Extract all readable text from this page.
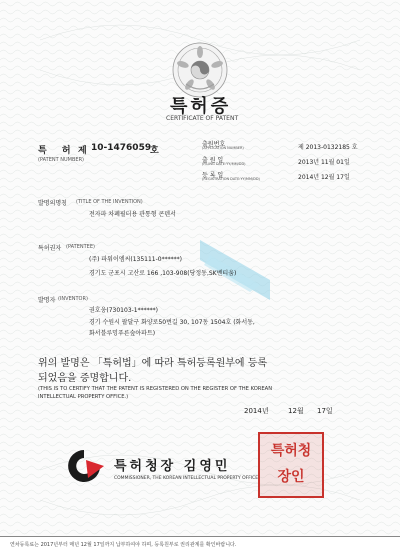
특허증
CERTIFICATE OF PATENT
특 허 제 10-1476059
호
(PATENT NUMBER)
출원번호
(APPLICATION NUMBER)	제 2013-0132185 호
출 원 일
(FILING DATE:YY/MM/DD)	2013년 11월 01일
등 록 일
(REGISTRATION DATE:YY/MM/DD)	2014년 12월 17일
발명의명칭 (TITLE OF THE INVENTION)
전자파 차폐필터용 관통형 콘덴서
특허권자 (PATENTEE)
(주) 파워이엠씨(135111-0******)
경기도 군포시 고산로 166 ,103-908(당정동,SK벤티움)
발명자 (INVENTOR)
권호웅(730103-1******)
경기 수원시 팔달구 화양로50번길 30, 107동 1504호 (화서동,
화서블루밍푸른숲아파트)
위의 발명은 「특허법」에 따라 특허등록원부에 등록
되었음을 증명합니다.
(THIS IS TO CERTIFY THAT THE PATENT IS REGISTERED ON THE REGISTER OF THE KOREAN
INTELLECTUAL PROPERTY OFFICE.)
2014년	12월 17일
특허청장 김영민
COMMISSIONER, THE KOREAN INTELLECTUAL PROPERTY OFFICE
특허청장인
연차등록료는 2017년부터 매년 12월 17일까지 납부하여야 하며, 등록원부로 권리관계를 확인바랍니다.
